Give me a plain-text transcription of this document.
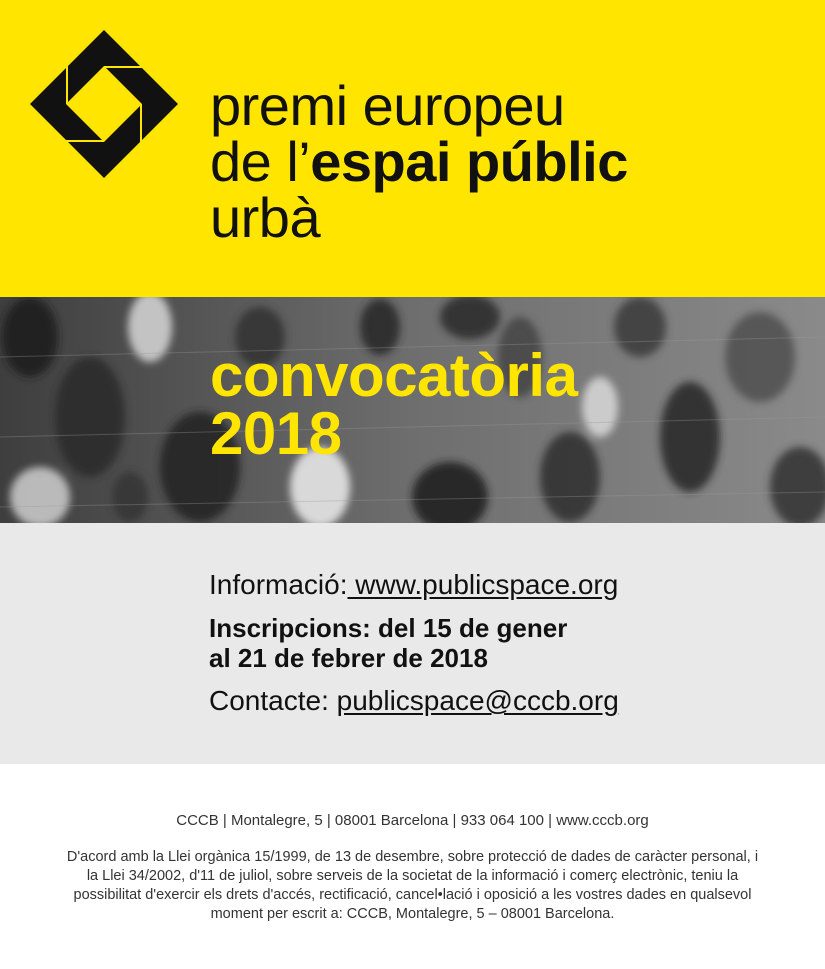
premi europeu
de l’espai públic
urbà
convocatòria
2018
Informació: www.publicspace.org
Inscripcions: del 15 de gener
al 21 de febrer de 2018
Contacte: publicspace@cccb.org
CCCB | Montalegre, 5 | 08001 Barcelona | 933 064 100 | www.cccb.org
D'acord amb la Llei orgànica 15/1999, de 13 de desembre, sobre protecció de dades de caràcter personal, i la Llei 34/2002, d'11 de juliol, sobre serveis de la societat de la informació i comerç electrònic, teniu la possibilitat d'exercir els drets d'accés, rectificació, cancel•lació i oposició a les vostres dades en qualsevol moment per escrit a: CCCB, Montalegre, 5 – 08001 Barcelona.
